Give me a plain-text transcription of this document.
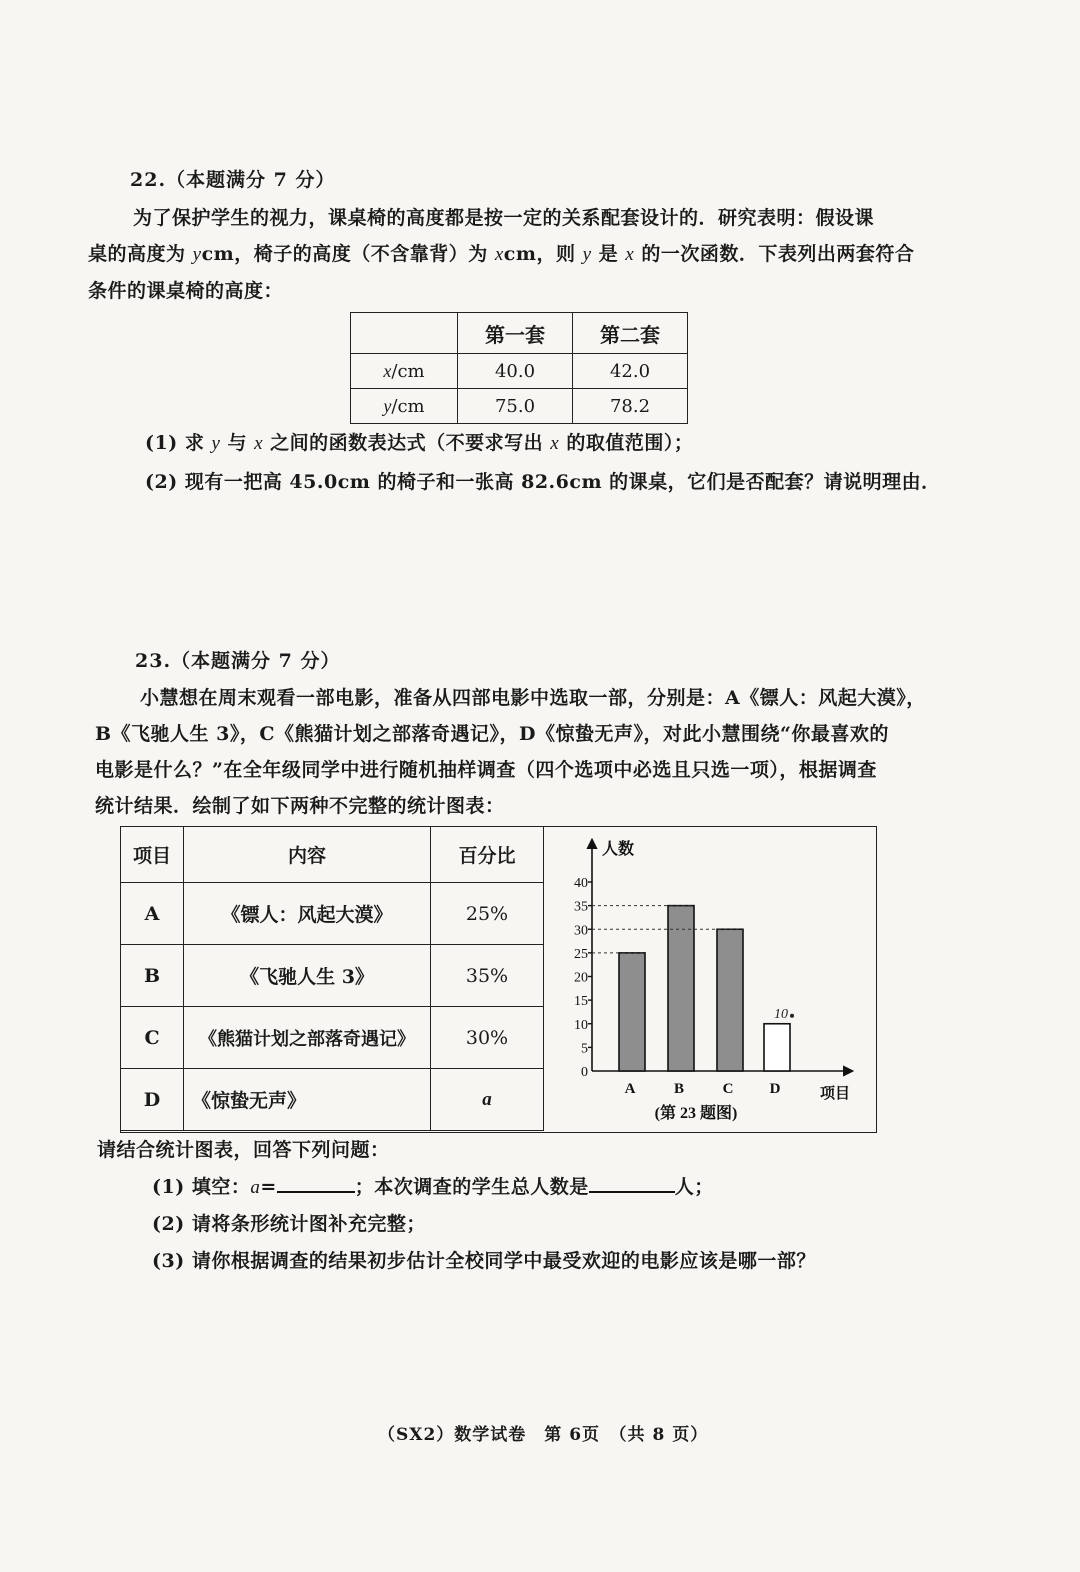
22.（本题满分 7 分）
为了保护学生的视力，课桌椅的高度都是按一定的关系配套设计的．研究表明：假设课
桌的高度为 ycm，椅子的高度（不含靠背）为 xcm，则 y 是 x 的一次函数．下表列出两套符合
条件的课桌椅的高度：
	第一套	第二套
x/cm	40.0	42.0
y/cm	75.0	78.2
(1) 求 y 与 x 之间的函数表达式（不要求写出 x 的取值范围）；
(2) 现有一把高 45.0cm 的椅子和一张高 82.6cm 的课桌，它们是否配套？请说明理由．
23.（本题满分 7 分）
小慧想在周末观看一部电影，准备从四部电影中选取一部，分别是：A《镖人：风起大漠》，
B《飞驰人生 3》，C《熊猫计划之部落奇遇记》，D《惊蛰无声》，对此小慧围绕“你最喜欢的
电影是什么？”在全年级同学中进行随机抽样调查（四个选项中必选且只选一项），根据调查
统计结果．绘制了如下两种不完整的统计图表：
项目	内容	百分比
A	《镖人：风起大漠》	25%
B	《飞驰人生 3》	35%
C	《熊猫计划之部落奇遇记》	30%
D	《惊蛰无声》	a
人数
项目
0
5
10
15
20
25
30
35
40
A	B	C D
10
(第 23 题图)
请结合统计图表，回答下列问题：
(1) 填空：a=	；本次调查的学生总人数是	人；
(2) 请将条形统计图补充完整；
(3) 请你根据调查的结果初步估计全校同学中最受欢迎的电影应该是哪一部？
（SX2）数学试卷　第 6页　（共 8 页）
